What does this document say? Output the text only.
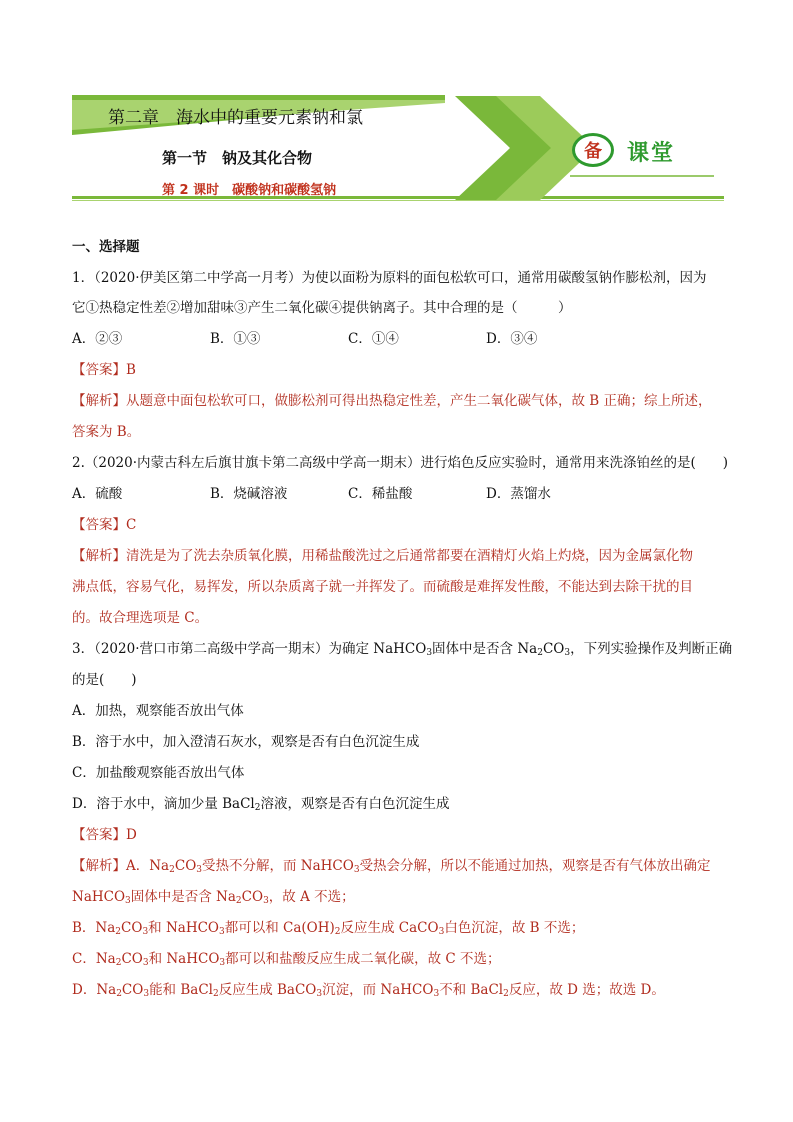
第二章　海水中的重要元素钠和氯
第一节　钠及其化合物
第 2 课时　碳酸钠和碳酸氢钠
备	课堂
一、选择题
1．（2020·伊美区第二中学高一月考）为使以面粉为原料的面包松软可口，通常用碳酸氢钠作膨松剂，因为
它①热稳定性差②增加甜味③产生二氧化碳④提供钠离子。其中合理的是（　　　）
A．②③	B．①③	C．①④	D．③④
【答案】B
【解析】从题意中面包松软可口，做膨松剂可得出热稳定性差，产生二氧化碳气体，故 B 正确；综上所述，
答案为 B。
2.（2020·内蒙古科左后旗甘旗卡第二高级中学高一期末）进行焰色反应实验时，通常用来洗涤铂丝的是(　　)
A．硫酸	B．烧碱溶液	C．稀盐酸	D．蒸馏水
【答案】C
【解析】清洗是为了洗去杂质氧化膜，用稀盐酸洗过之后通常都要在酒精灯火焰上灼烧，因为金属氯化物
沸点低，容易气化，易挥发，所以杂质离子就一并挥发了。而硫酸是难挥发性酸，不能达到去除干扰的目
的。故合理选项是 C。
3．（2020·营口市第二高级中学高一期末）为确定 NaHCO$_3$固体中是否含 $Na_2CO_3$，下列实验操作及判断正确
的是(　　)
A．加热，观察能否放出气体
B．溶于水中，加入澄清石灰水，观察是否有白色沉淀生成
C．加盐酸观察能否放出气体
D．溶于水中，滴加少量 BaCl$_2$溶液，观察是否有白色沉淀生成
【答案】D
【解析】A．$Na_2CO_3$受热不分解，而 NaHCO$_3$受热会分解，所以不能通过加热，观察是否有气体放出确定
NaHCO$_3$固体中是否含 $Na_2CO_3$，故 A 不选；
B．$Na_2CO_3$和 NaHCO$_3$都可以和 $Ca(OH)_2$反应生成 CaCO$_3$白色沉淀，故 B 不选；
C．$Na_2CO_3$和 NaHCO$_3$都可以和盐酸反应生成二氧化碳，故 C 不选；
D．$Na_2CO_3$能和 BaCl$_2$反应生成 BaCO$_3$沉淀，而 NaHCO$_3$不和 BaCl$_2$反应，故 D 选；故选 D。
